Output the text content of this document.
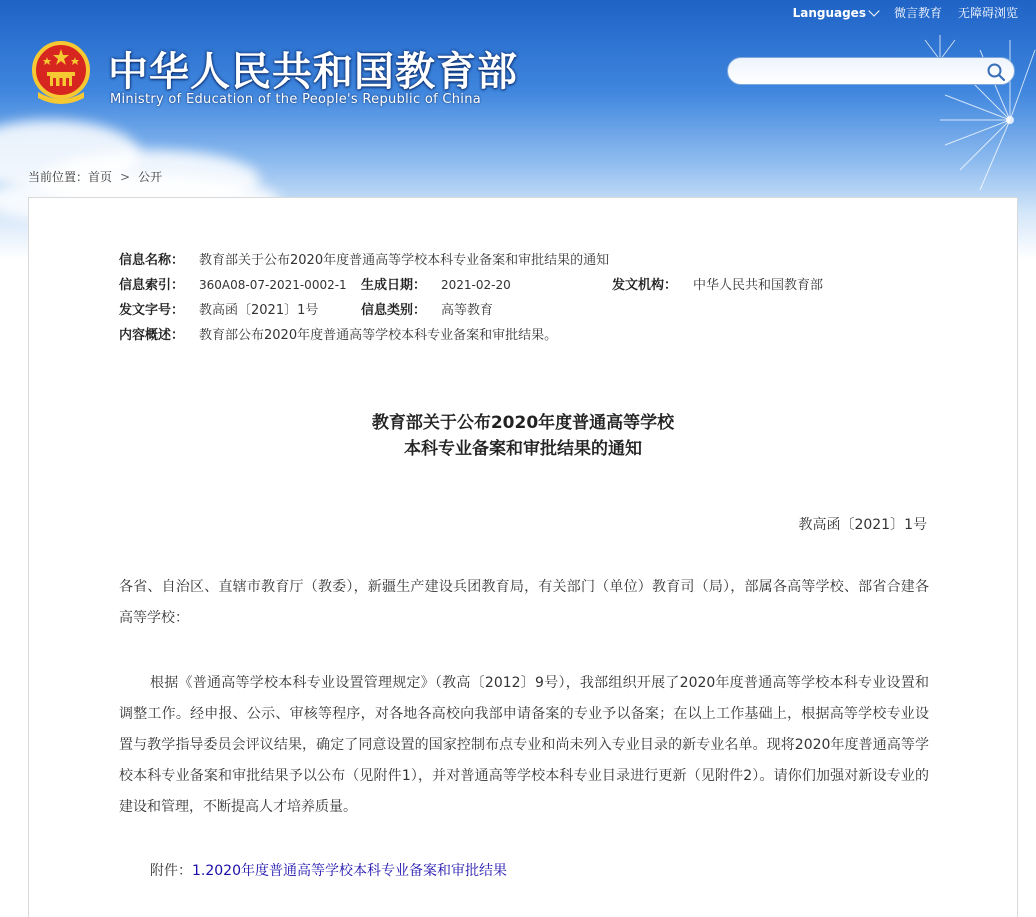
中华人民共和国教育部
Ministry of Education of the People's Republic of China
Languages 微言教育 无障碍浏览
当前位置： 首页 > 公开
信息名称： 教育部关于公布2020年度普通高等学校本科专业备案和审批结果的通知
信息索引： 360A08-07-2021-0002-1 生成日期： 2021-02-20	发文机构： 中华人民共和国教育部
发文字号： 教高函〔2021〕1号	信息类别： 高等教育
内容概述： 教育部公布2020年度普通高等学校本科专业备案和审批结果。
教育部关于公布2020年度普通高等学校
本科专业备案和审批结果的通知
教高函〔2021〕1号

各省、自治区、直辖市教育厅（教委），新疆生产建设兵团教育局，有关部门（单位）教育司（局），部属各高等学校、部省合建各高等学校：

根据《普通高等学校本科专业设置管理规定》（教高〔2012〕9号），我部组织开展了2020年度普通高等学校本科专业设置和调整工作。经申报、公示、审核等程序，对各地各高校向我部申请备案的专业予以备案；在以上工作基础上，根据高等学校专业设置与教学指导委员会评议结果，确定了同意设置的国家控制布点专业和尚未列入专业目录的新专业名单。现将2020年度普通高等学校本科专业备案和审批结果予以公布（见附件1），并对普通高等学校本科专业目录进行更新（见附件2）。请你们加强对新设专业的建设和管理，不断提高人才培养质量。

附件：1.2020年度普通高等学校本科专业备案和审批结果
